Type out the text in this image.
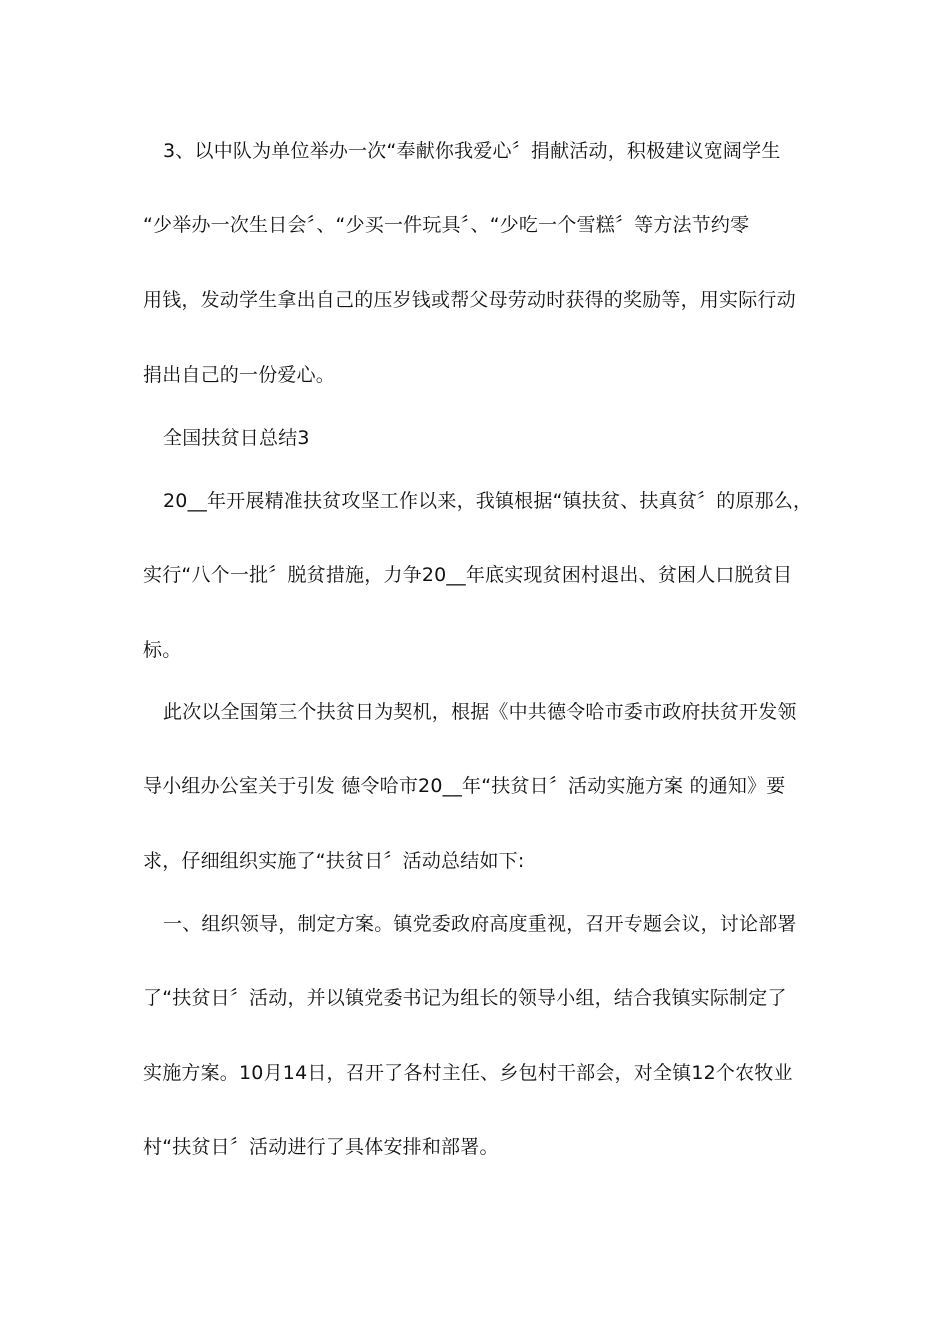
3、以中队为单位举办一次“奉献你我爱心〞捐献活动，积极建议宽阔学生
“少举办一次生日会〞、“少买一件玩具〞、“少吃一个雪糕〞等方法节约零
用钱，发动学生拿出自己的压岁钱或帮父母劳动时获得的奖励等，用实际行动
捐出自己的一份爱心。
全国扶贫日总结3
20__年开展精准扶贫攻坚工作以来，我镇根据“镇扶贫、扶真贫〞的原那么，
实行“八个一批〞脱贫措施，力争20__年底实现贫困村退出、贫困人口脱贫目
标。
此次以全国第三个扶贫日为契机，根据《中共德令哈市委市政府扶贫开发领
导小组办公室关于引发 德令哈市20__年“扶贫日〞活动实施方案 的通知》要
求，仔细组织实施了“扶贫日〞活动总结如下:
一、组织领导，制定方案。镇党委政府高度重视，召开专题会议，讨论部署
了“扶贫日〞活动，并以镇党委书记为组长的领导小组，结合我镇实际制定了
实施方案。10月14日，召开了各村主任、乡包村干部会，对全镇12个农牧业
村“扶贫日〞活动进行了具体安排和部署。
